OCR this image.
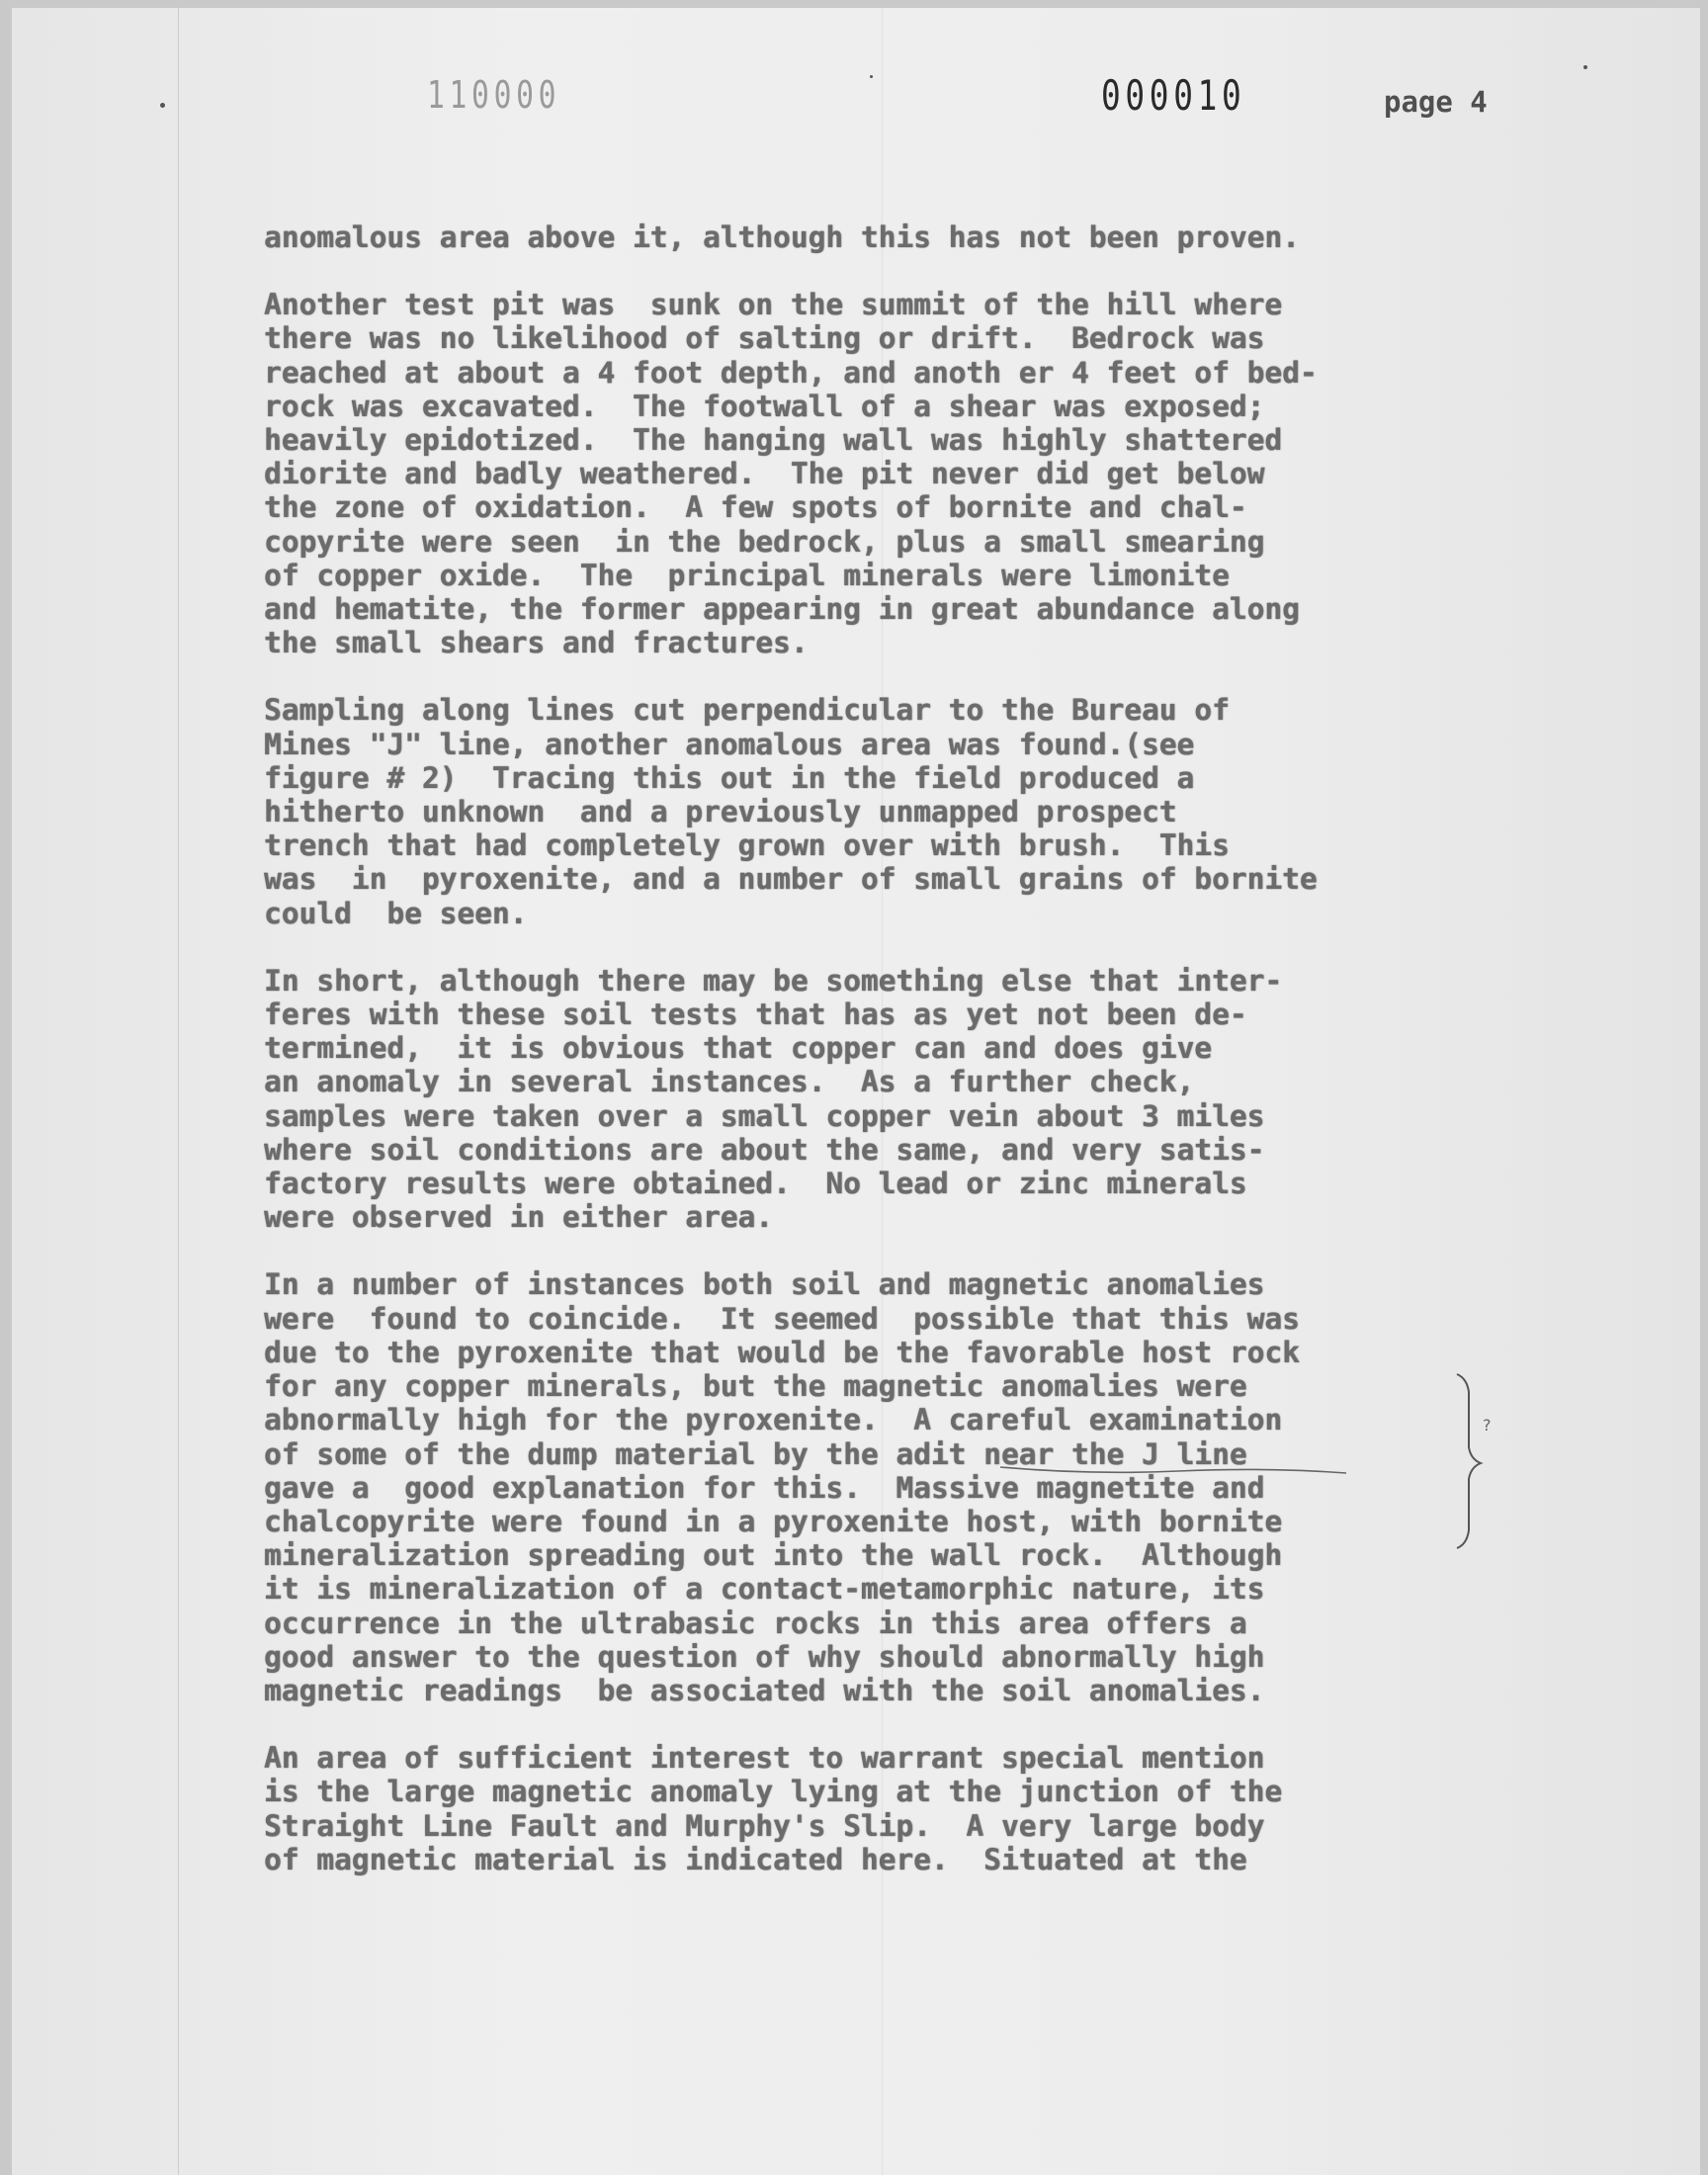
110000	000010	page 4
anomalous area above it, although this has not been proven.
Another test pit was  sunk on the summit of the hill where
there was no likelihood of salting or drift.  Bedrock was
reached at about a 4 foot depth, and anoth er 4 feet of bed-
rock was excavated.  The footwall of a shear was exposed;
heavily epidotized.  The hanging wall was highly shattered
diorite and badly weathered.  The pit never did get below
the zone of oxidation.  A few spots of bornite and chal-
copyrite were seen  in the bedrock, plus a small smearing
of copper oxide.  The  principal minerals were limonite
and hematite, the former appearing in great abundance along
the small shears and fractures.
Sampling along lines cut perpendicular to the Bureau of
Mines "J" line, another anomalous area was found.(see
figure # 2)  Tracing this out in the field produced a
hitherto unknown  and a previously unmapped prospect
trench that had completely grown over with brush.  This
was  in  pyroxenite, and a number of small grains of bornite
could  be seen.
In short, although there may be something else that inter-
feres with these soil tests that has as yet not been de-
termined,  it is obvious that copper can and does give
an anomaly in several instances.  As a further check,
samples were taken over a small copper vein about 3 miles
where soil conditions are about the same, and very satis-
factory results were obtained.  No lead or zinc minerals
were observed in either area.
In a number of instances both soil and magnetic anomalies
were  found to coincide.  It seemed  possible that this was
due to the pyroxenite that would be the favorable host rock
for any copper minerals, but the magnetic anomalies were
abnormally high for the pyroxenite.  A careful examination
of some of the dump material by the adit near the J line
gave a  good explanation for this.  Massive magnetite and
chalcopyrite were found in a pyroxenite host, with bornite
mineralization spreading out into the wall rock.  Although
it is mineralization of a contact-metamorphic nature, its
occurrence in the ultrabasic rocks in this area offers a
good answer to the question of why should abnormally high
magnetic readings  be associated with the soil anomalies.
An area of sufficient interest to warrant special mention
is the large magnetic anomaly lying at the junction of the
Straight Line Fault and Murphy's Slip.  A very large body
of magnetic material is indicated here.  Situated at the
?
